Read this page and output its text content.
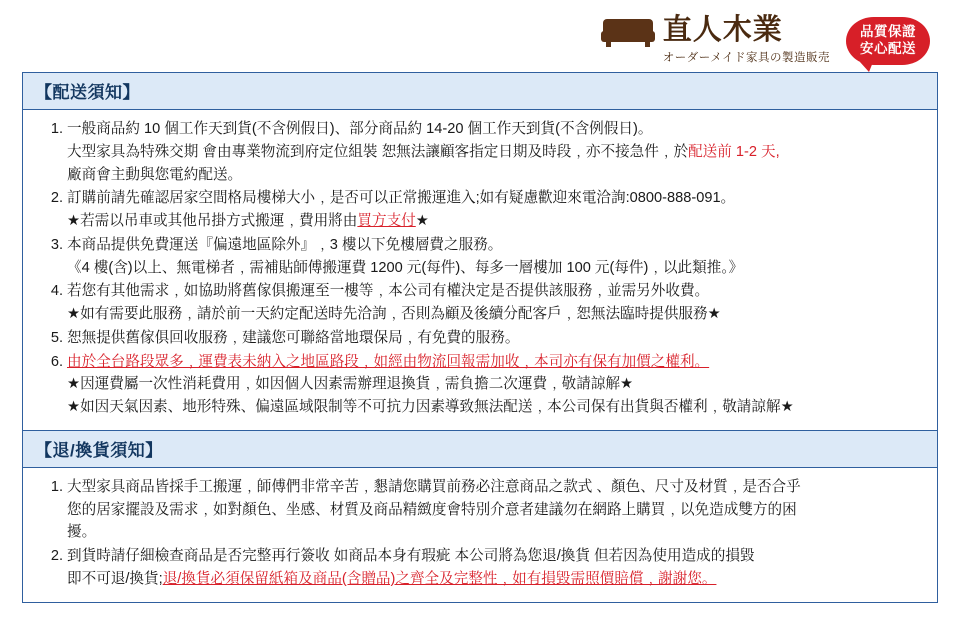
直人木業
オーダーメイド家具の製造販売
品質保證
安心配送
【配送須知】
一般商品約 10 個工作天到貨(不含例假日)、部分商品約 14-20 個工作天到貨(不含例假日)。
大型家具為特殊交期 會由專業物流到府定位組裝 恕無法讓顧客指定日期及時段﹐亦不接急件﹐於配送前 1-2 天,
廠商會主動與您電約配送。
訂購前請先確認居家空間格局樓梯大小﹐是否可以正常搬運進入;如有疑慮歡迎來電洽詢:0800-888-091。
★若需以吊車或其他吊掛方式搬運﹐費用將由買方支付★
本商品提供免費運送『偏遠地區除外』﹐3 樓以下免樓層費之服務。
《4 樓(含)以上、無電梯者﹐需補貼師傅搬運費 1200 元(每件)、每多一層樓加 100 元(每件)﹐以此類推。》
若您有其他需求﹐如協助將舊傢俱搬運至一樓等﹐本公司有權決定是否提供該服務﹐並需另外收費。
★如有需要此服務﹐請於前一天約定配送時先洽詢﹐否則為顧及後續分配客戶﹐恕無法臨時提供服務★
恕無提供舊傢俱回收服務﹐建議您可聯絡當地環保局﹐有免費的服務。
由於全台路段眾多﹐運費表未納入之地區路段﹐如經由物流回報需加收﹐本司亦有保有加價之權利。
★因運費屬一次性消耗費用﹐如因個人因素需辦理退換貨﹐需負擔二次運費﹐敬請諒解★
★如因天氣因素、地形特殊、偏遠區域限制等不可抗力因素導致無法配送﹐本公司保有出貨與否權利﹐敬請諒解★
【退/換貨須知】
大型家具商品皆採手工搬運﹐師傅們非常辛苦﹐懇請您購買前務必注意商品之款式 、顏色、尺寸及材質﹐是否合乎
您的居家擺設及需求﹐如對顏色、坐感、材質及商品精緻度會特別介意者建議勿在網路上購買﹐以免造成雙方的困
擾。
到貨時請仔細檢查商品是否完整再行簽收 如商品本身有瑕疵 本公司將為您退/換貨 但若因為使用造成的損毀
即不可退/換貨;退/換貨必須保留紙箱及商品(含贈品)之齊全及完整性﹐如有損毀需照價賠償﹐謝謝您。
